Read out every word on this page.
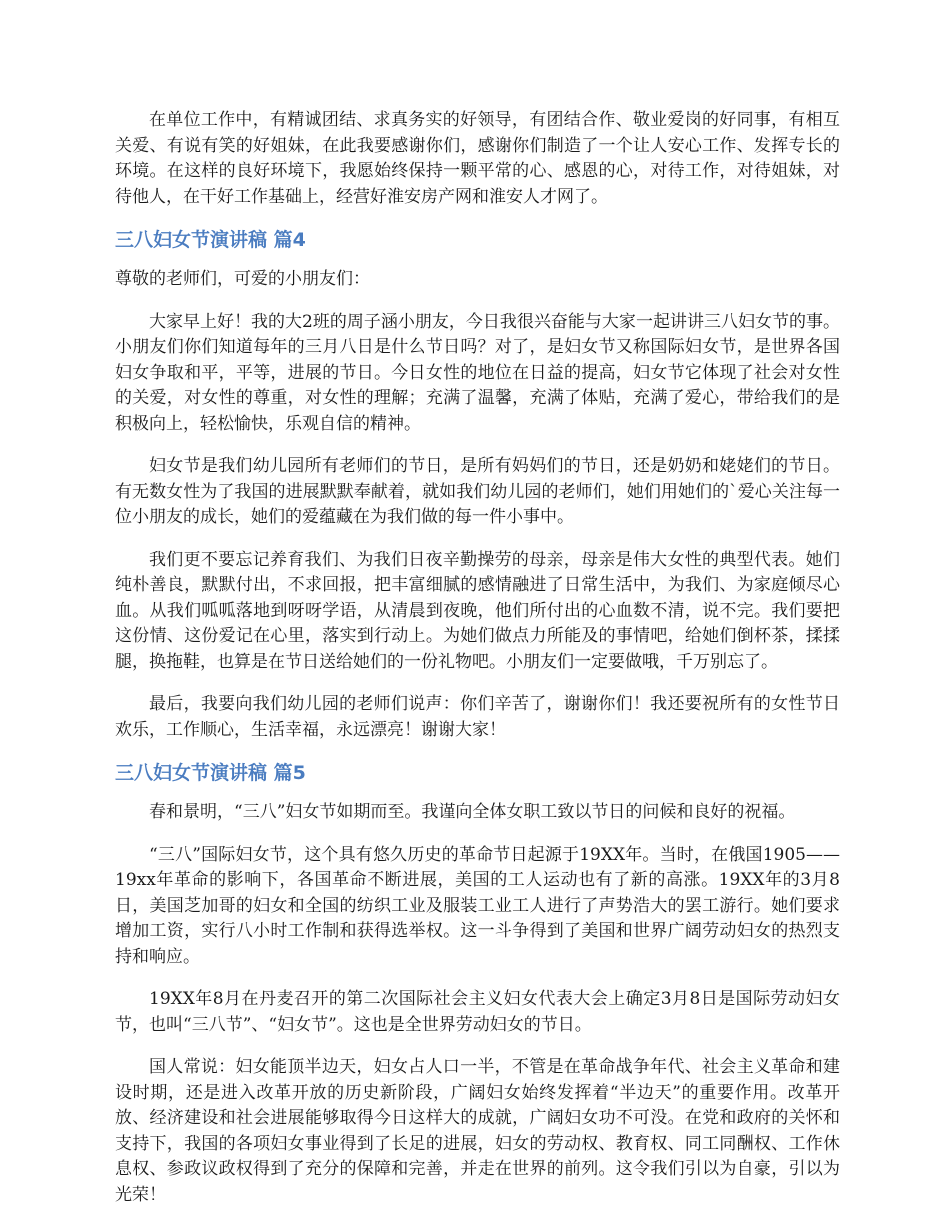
在单位工作中，有精诚团结、求真务实的好领导，有团结合作、敬业爱岗的好同事，有相互关爱、有说有笑的好姐妹，在此我要感谢你们，感谢你们制造了一个让人安心工作、发挥专长的环境。在这样的良好环境下，我愿始终保持一颗平常的心、感恩的心，对待工作，对待姐妹，对待他人，在干好工作基础上，经营好淮安房产网和淮安人才网了。

三八妇女节演讲稿 篇4

尊敬的老师们，可爱的小朋友们：

大家早上好！我的大2班的周子涵小朋友，今日我很兴奋能与大家一起讲讲三八妇女节的事。小朋友们你们知道每年的三月八日是什么节日吗？对了，是妇女节又称国际妇女节，是世界各国妇女争取和平，平等，进展的节日。今日女性的地位在日益的提高，妇女节它体现了社会对女性的关爱，对女性的尊重，对女性的理解；充满了温馨，充满了体贴，充满了爱心，带给我们的是积极向上，轻松愉快，乐观自信的精神。

妇女节是我们幼儿园所有老师们的节日，是所有妈妈们的节日，还是奶奶和姥姥们的节日。有无数女性为了我国的进展默默奉献着，就如我们幼儿园的老师们，她们用她们的`爱心关注每一位小朋友的成长，她们的爱蕴藏在为我们做的每一件小事中。

我们更不要忘记养育我们、为我们日夜辛勤操劳的母亲，母亲是伟大女性的典型代表。她们纯朴善良，默默付出，不求回报，把丰富细腻的感情融进了日常生活中，为我们、为家庭倾尽心血。从我们呱呱落地到呀呀学语，从清晨到夜晚，他们所付出的心血数不清，说不完。我们要把这份情、这份爱记在心里，落实到行动上。为她们做点力所能及的事情吧，给她们倒杯茶，揉揉腿，换拖鞋，也算是在节日送给她们的一份礼物吧。小朋友们一定要做哦，千万别忘了。

最后，我要向我们幼儿园的老师们说声：你们辛苦了，谢谢你们！我还要祝所有的女性节日欢乐，工作顺心，生活幸福，永远漂亮！谢谢大家！

三八妇女节演讲稿 篇5

春和景明，“三八”妇女节如期而至。我谨向全体女职工致以节日的问候和良好的祝福。

“三八”国际妇女节，这个具有悠久历史的革命节日起源于19XX年。当时，在俄国1905——19xx年革命的影响下，各国革命不断进展，美国的工人运动也有了新的高涨。19XX年的3月8日，美国芝加哥的妇女和全国的纺织工业及服装工业工人进行了声势浩大的罢工游行。她们要求增加工资，实行八小时工作制和获得选举权。这一斗争得到了美国和世界广阔劳动妇女的热烈支持和响应。

19XX年8月在丹麦召开的第二次国际社会主义妇女代表大会上确定3月8日是国际劳动妇女节，也叫“三八节”、“妇女节”。这也是全世界劳动妇女的节日。

国人常说：妇女能顶半边天，妇女占人口一半，不管是在革命战争年代、社会主义革命和建设时期，还是进入改革开放的历史新阶段，广阔妇女始终发挥着“半边天”的重要作用。改革开放、经济建设和社会进展能够取得今日这样大的成就，广阔妇女功不可没。在党和政府的关怀和支持下，我国的各项妇女事业得到了长足的进展，妇女的劳动权、教育权、同工同酬权、工作休息权、参政议政权得到了充分的保障和完善，并走在世界的前列。这令我们引以为自豪，引以为光荣！
